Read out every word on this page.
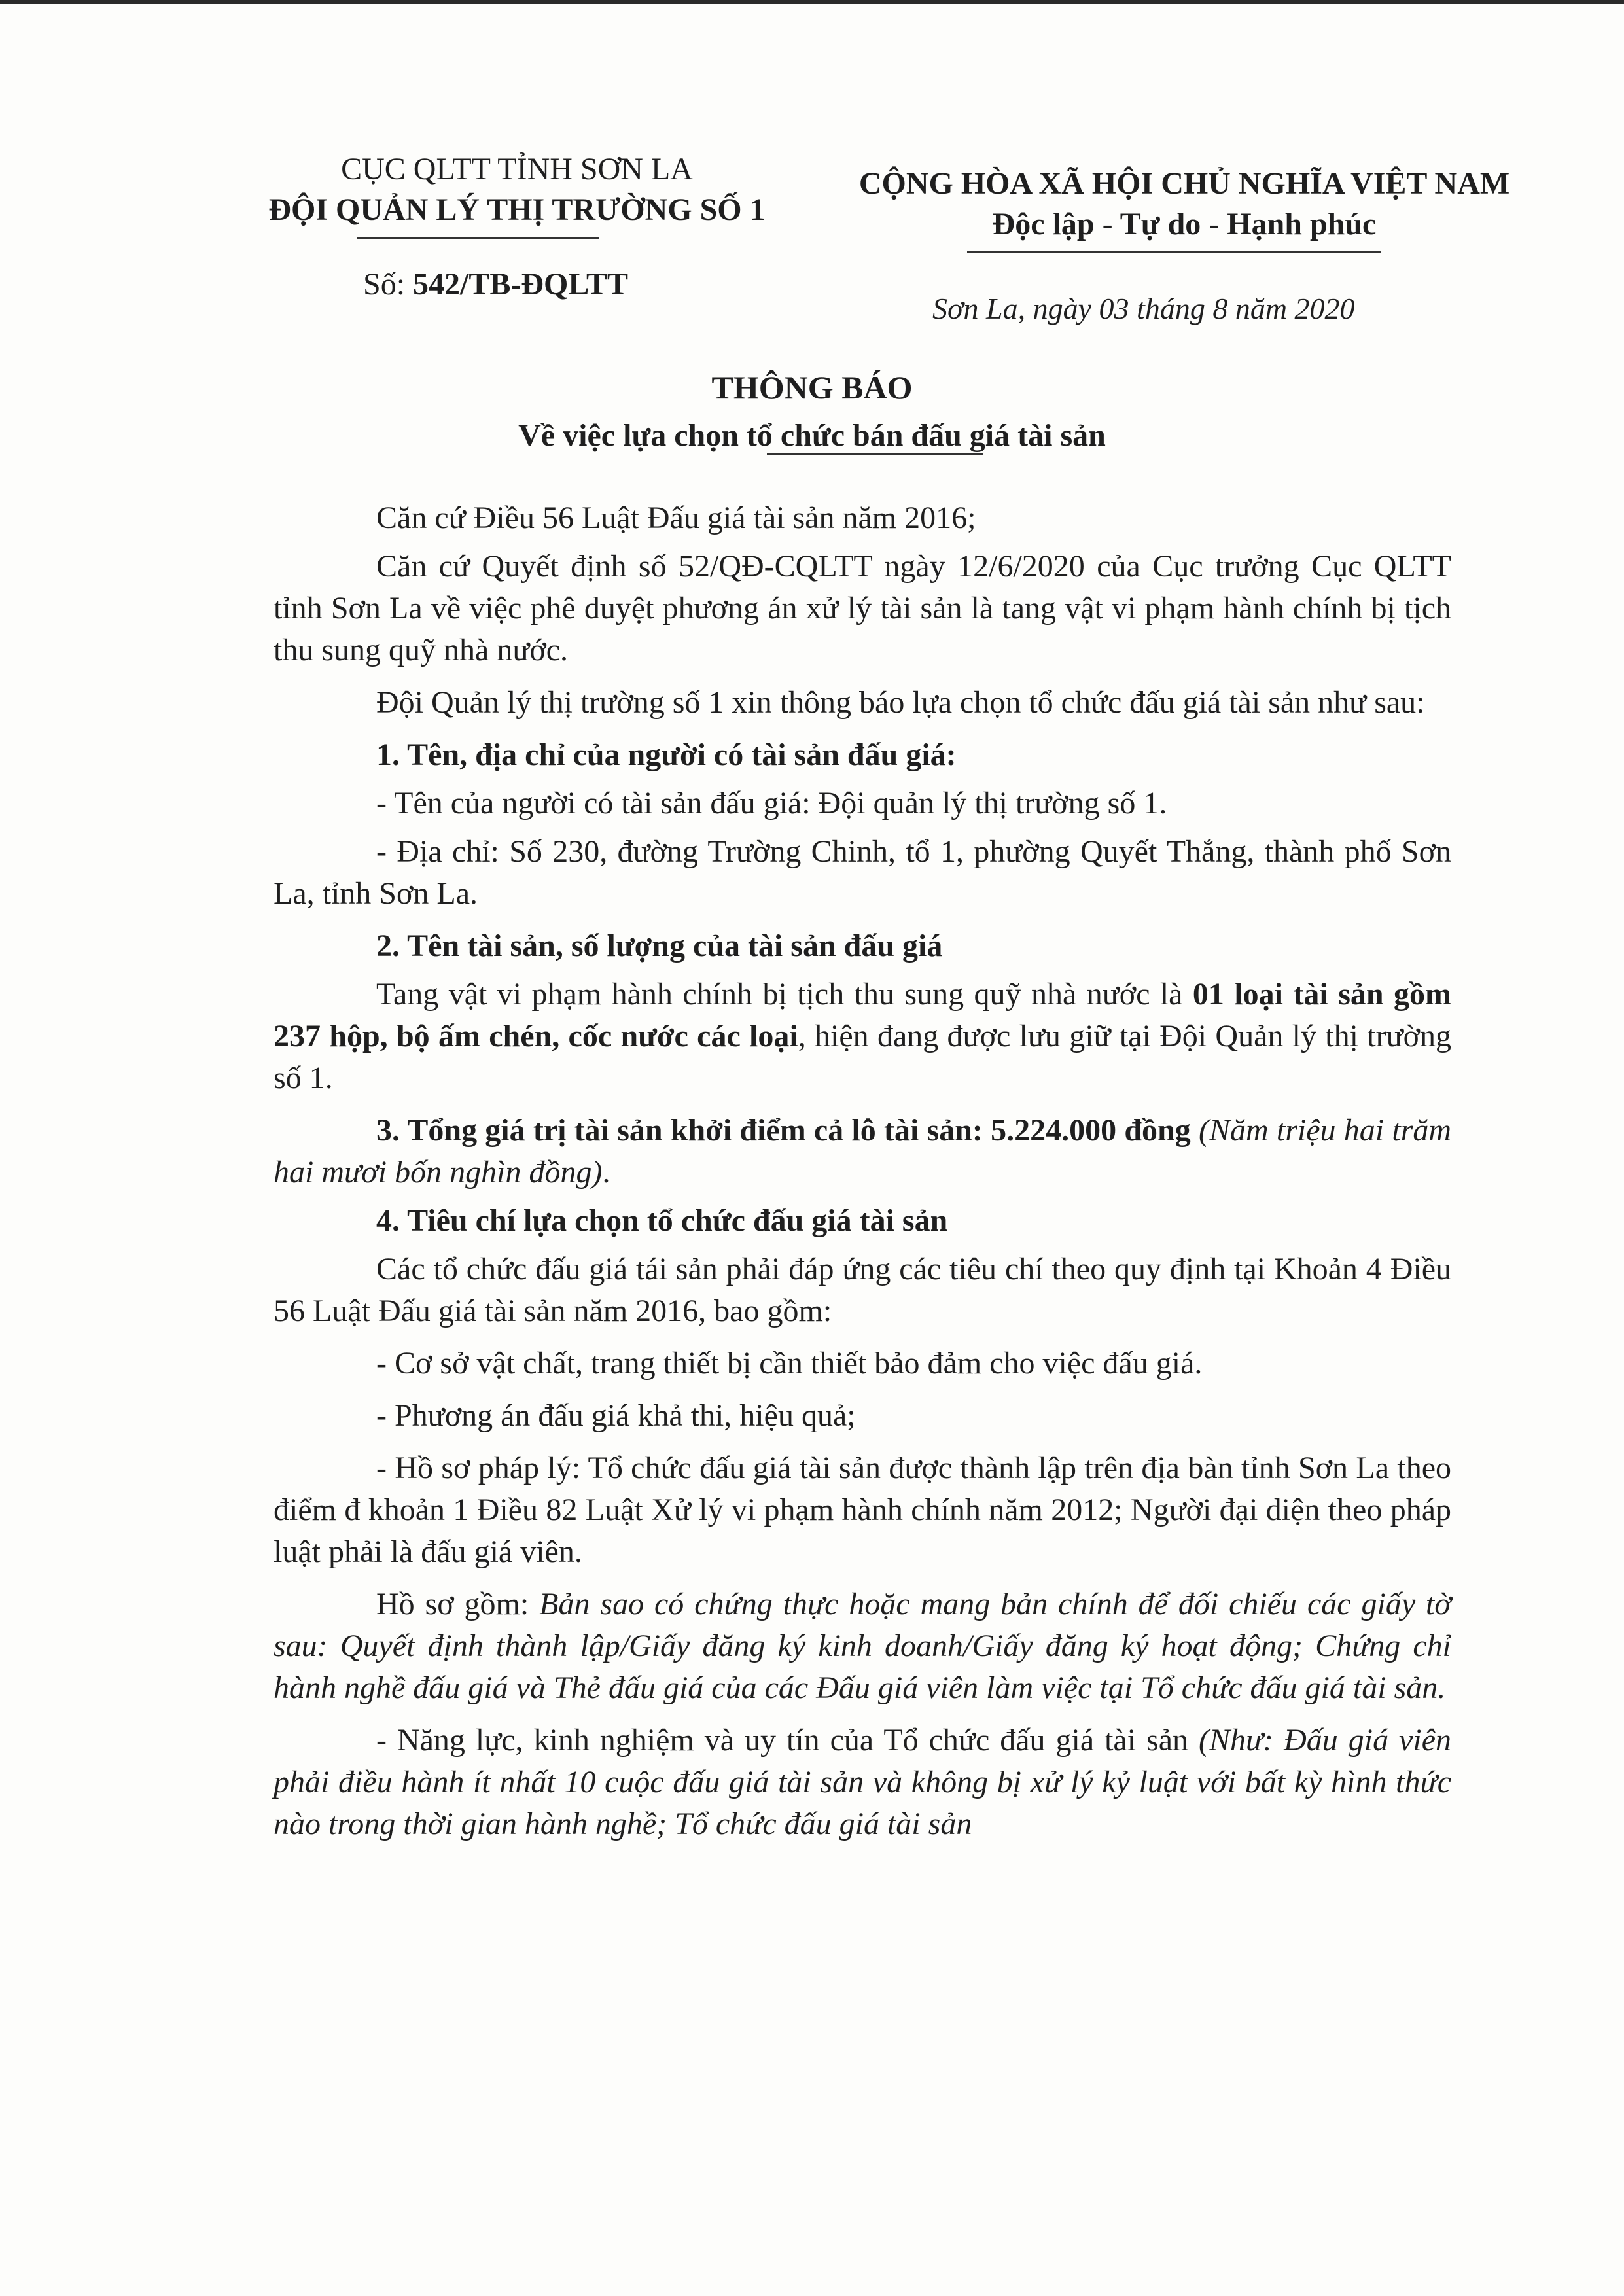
CỤC QLTT TỈNH SƠN LA
ĐỘI QUẢN LÝ THỊ TRƯỜNG SỐ 1
CỘNG HÒA XÃ HỘI CHỦ NGHĨA VIỆT NAM
Độc lập - Tự do - Hạnh phúc
Số: 542/TB-ĐQLTT
Sơn La, ngày 03 tháng 8 năm 2020
THÔNG BÁO
Về việc lựa chọn tổ chức bán đấu giá tài sản

Căn cứ Điều 56 Luật Đấu giá tài sản năm 2016;

Căn cứ Quyết định số 52/QĐ-CQLTT ngày 12/6/2020 của Cục trưởng Cục QLTT tỉnh Sơn La về việc phê duyệt phương án xử lý tài sản là tang vật vi phạm hành chính bị tịch thu sung quỹ nhà nước.

Đội Quản lý thị trường số 1 xin thông báo lựa chọn tổ chức đấu giá tài sản như sau:

1. Tên, địa chỉ của người có tài sản đấu giá:

- Tên của người có tài sản đấu giá: Đội quản lý thị trường số 1.

- Địa chỉ: Số 230, đường Trường Chinh, tổ 1, phường Quyết Thắng, thành phố Sơn La, tỉnh Sơn La.

2. Tên tài sản, số lượng của tài sản đấu giá

Tang vật vi phạm hành chính bị tịch thu sung quỹ nhà nước là 01 loại tài sản gồm 237 hộp, bộ ấm chén, cốc nước các loại, hiện đang được lưu giữ tại Đội Quản lý thị trường số 1.

3. Tổng giá trị tài sản khởi điểm cả lô tài sản: 5.224.000 đồng (Năm triệu hai trăm hai mươi bốn nghìn đồng).

4. Tiêu chí lựa chọn tổ chức đấu giá tài sản

Các tổ chức đấu giá tái sản phải đáp ứng các tiêu chí theo quy định tại Khoản 4 Điều 56 Luật Đấu giá tài sản năm 2016, bao gồm:

- Cơ sở vật chất, trang thiết bị cần thiết bảo đảm cho việc đấu giá.

- Phương án đấu giá khả thi, hiệu quả;

- Hồ sơ pháp lý: Tổ chức đấu giá tài sản được thành lập trên địa bàn tỉnh Sơn La theo điểm đ khoản 1 Điều 82 Luật Xử lý vi phạm hành chính năm 2012; Người đại diện theo pháp luật phải là đấu giá viên.

Hồ sơ gồm: Bản sao có chứng thực hoặc mang bản chính để đối chiếu các giấy tờ sau: Quyết định thành lập/Giấy đăng ký kinh doanh/Giấy đăng ký hoạt động; Chứng chỉ hành nghề đấu giá và Thẻ đấu giá của các Đấu giá viên làm việc tại Tổ chức đấu giá tài sản.

- Năng lực, kinh nghiệm và uy tín của Tổ chức đấu giá tài sản (Như: Đấu giá viên phải điều hành ít nhất 10 cuộc đấu giá tài sản và không bị xử lý kỷ luật với bất kỳ hình thức nào trong thời gian hành nghề; Tổ chức đấu giá tài sản
